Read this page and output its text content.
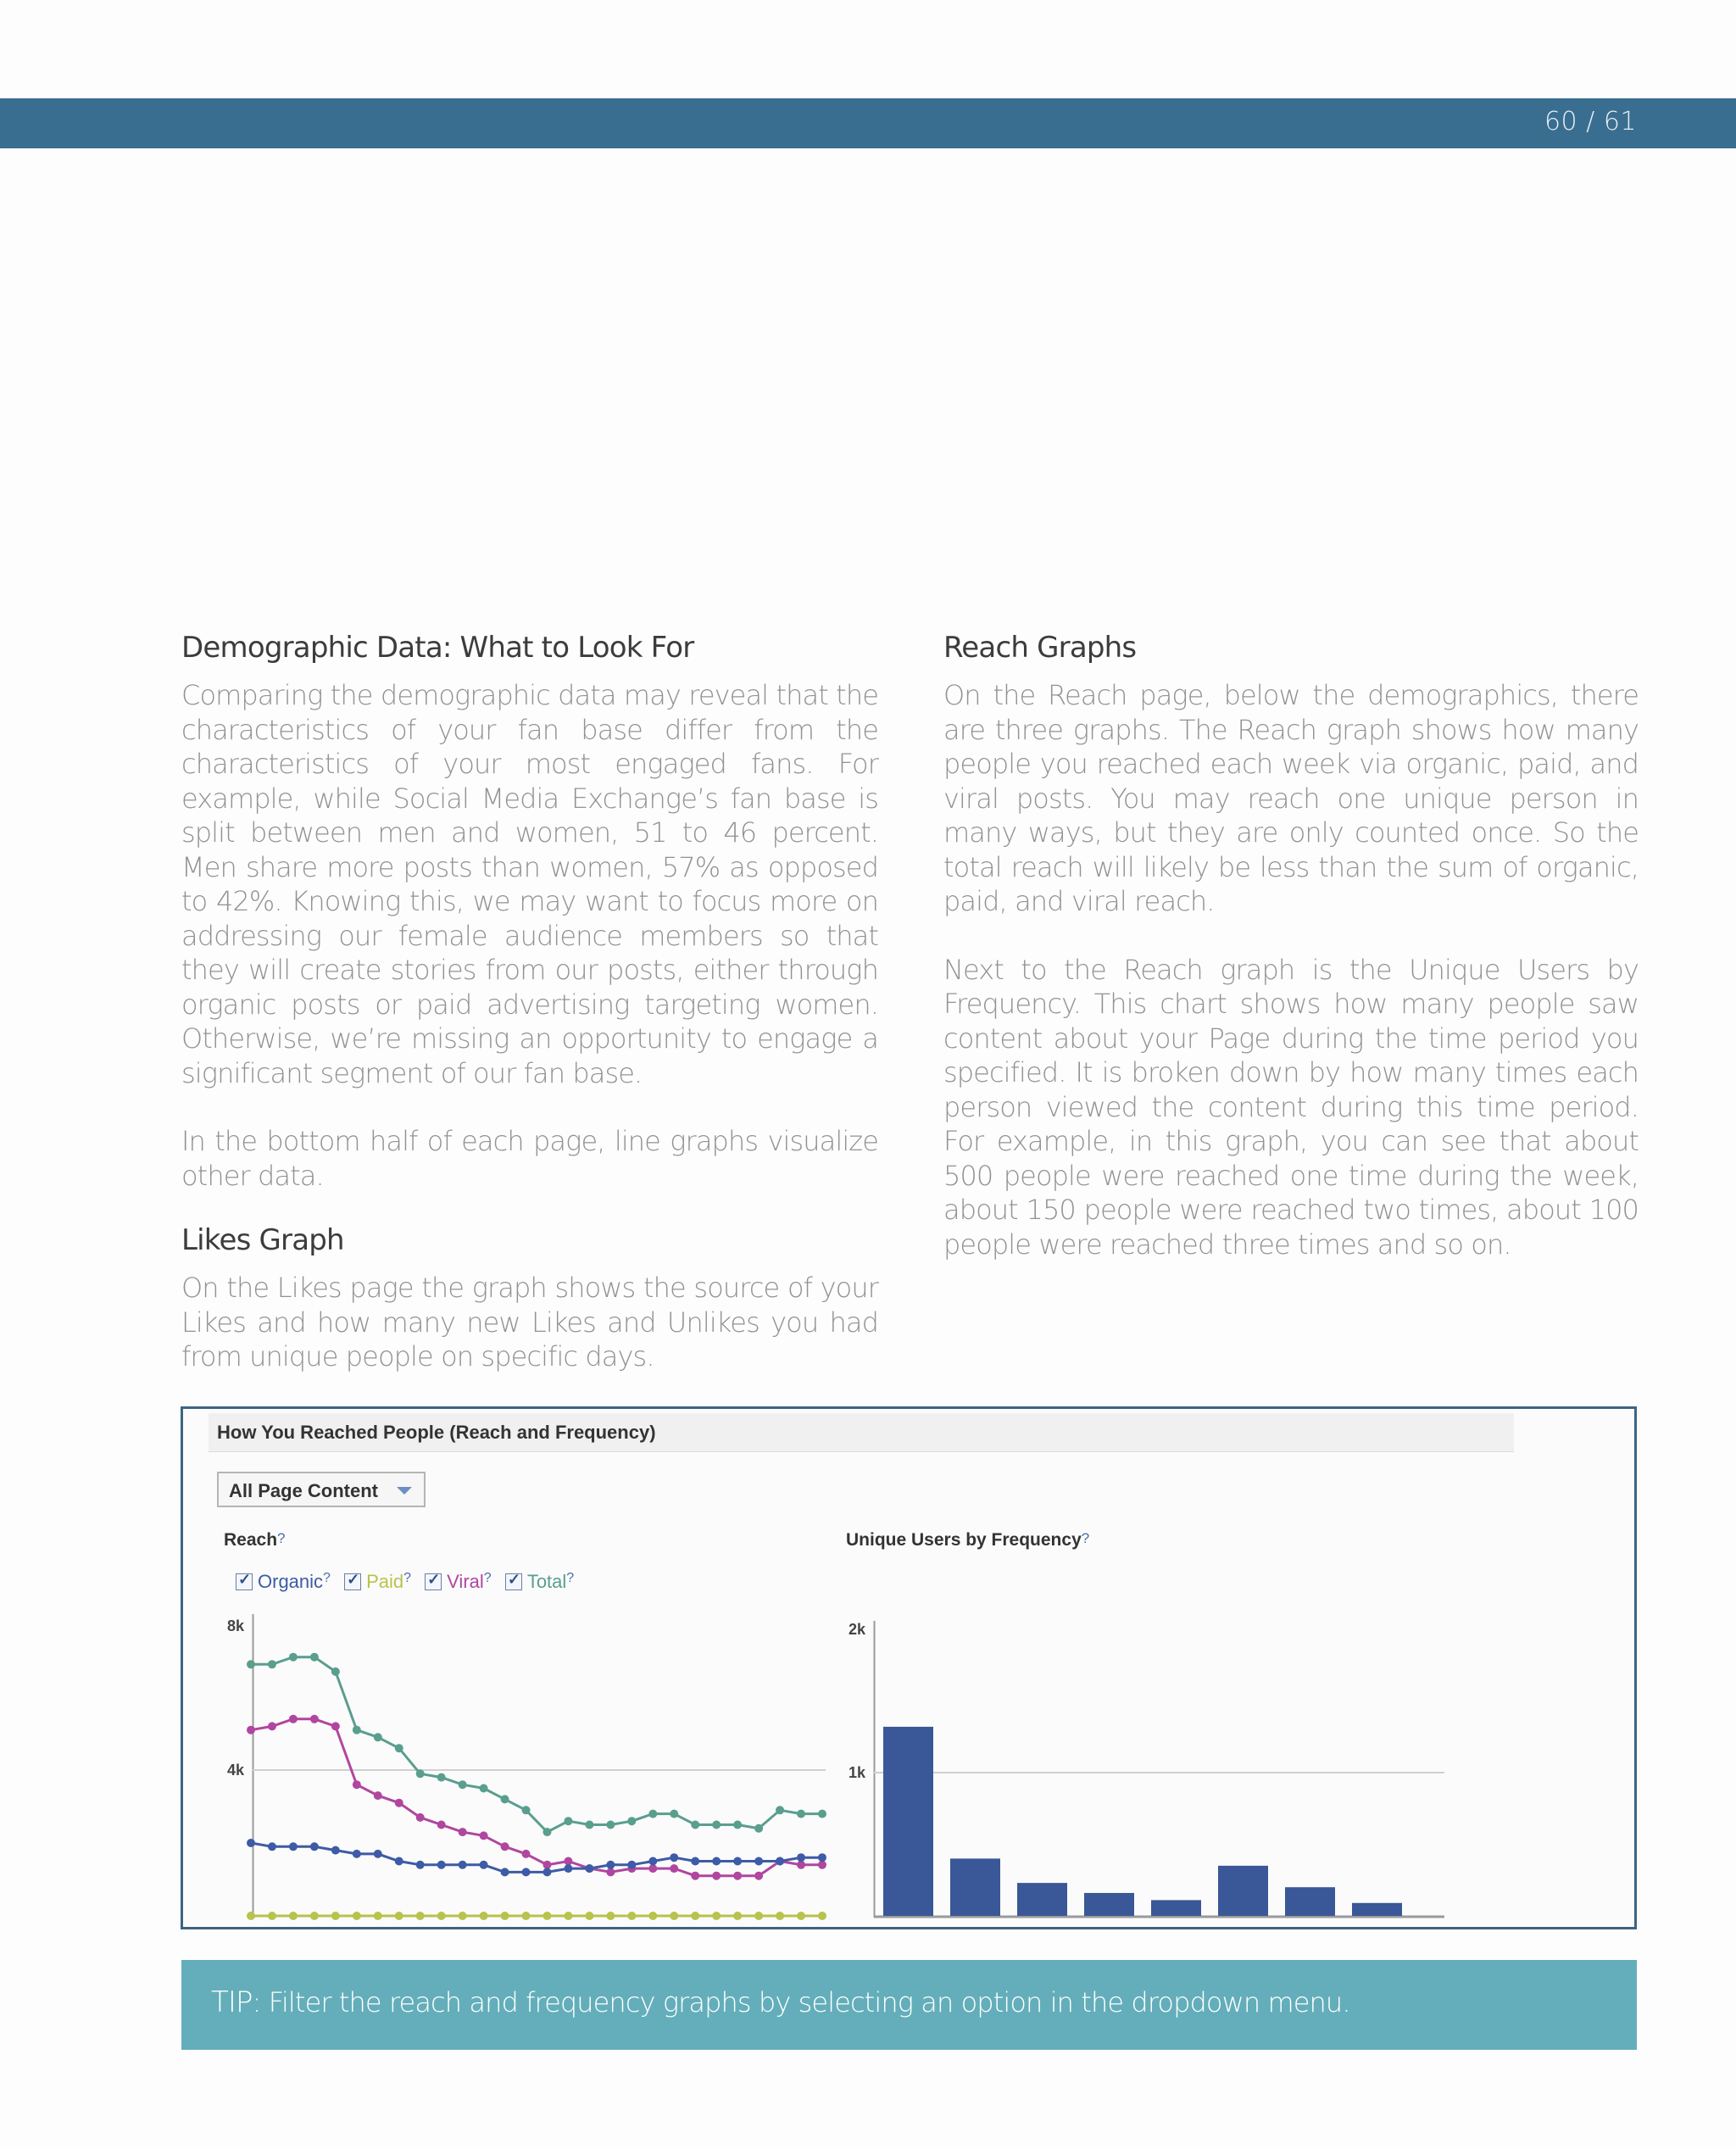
60 / 61
Demographic Data: What to Look For

Comparing the demographic data may reveal that the characteristics of your fan base differ from the characteristics of your most engaged fans. For example, while Social Media Exchange’s fan base is split between men and women, 51 to 46 percent. Men share more posts than women, 57% as opposed to 42%. Knowing this, we may want to focus more on addressing our female audience members so that they will create stories from our posts, either through organic posts or paid advertising targeting women. Otherwise, we’re missing an opportunity to engage a significant segment of our fan base.

In the bottom half of each page, line graphs visualize other data.

Likes Graph

On the Likes page the graph shows the source of your Likes and how many new Likes and Unlikes you had from unique people on specific days.

Reach Graphs

On the Reach page, below the demographics, there are three graphs. The Reach graph shows how many people you reached each week via organic, paid, and viral posts. You may reach one unique person in many ways, but they are only counted once. So the total reach will likely be less than the sum of organic, paid, and viral reach.

Next to the Reach graph is the Unique Users by Frequency. This chart shows how many people saw content about your Page during the time period you specified. It is broken down by how many times each person viewed the content during this time period. For example, in this graph, you can see that about 500 people were reached one time during the week, about 150 people were reached two times, about 100 people were reached three times and so on.

How You Reached People (Reach and Frequency)
All Page Content
Reach?	Unique Users by Frequency?
✓Organic? ✓ Paid? ✓ Viral? ✓ Total?
8k
4k
2k
1k
TIP: Filter the reach and frequency graphs by selecting an option in the dropdown menu.
